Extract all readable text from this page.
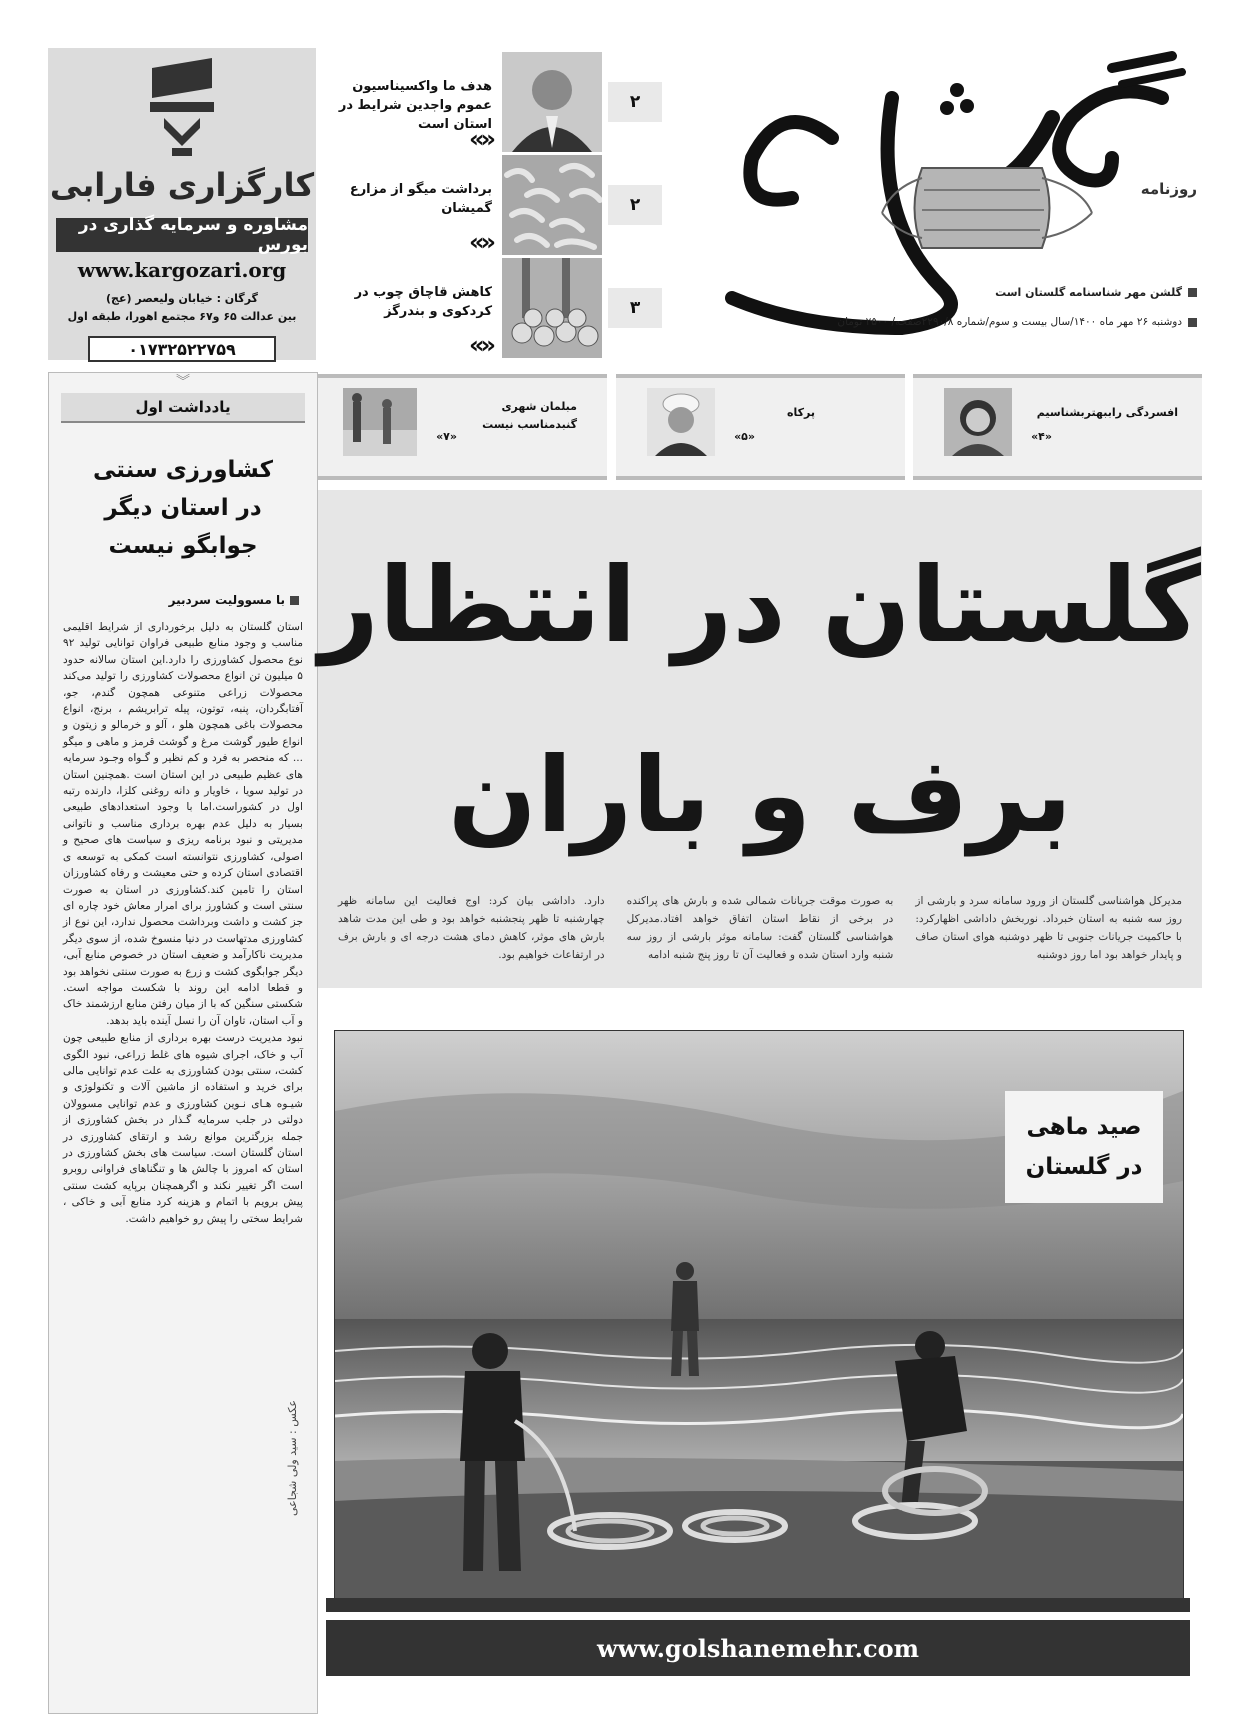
روزنامه
گلشن مهر شناسنامه گلستان است
دوشنبه ۲۶ مهر ماه ۱۴۰۰/سال بیست و سوم/شماره ۲۲۹۰/۸صفحه/ ۲۵۰۰ تومان
۲
هدف ما واکسیناسیون عموم واجدین شرایط در استان است
«»
۲
برداشت میگو از مزارع گمیشان
«»
۳
کاهش قاچاق چوب در کردکوی و بندرگز
«»
کارگزاری فارابی
مشاوره و سرمایه گذاری در بورس
www.kargozari.org
گرگان : خیابان ولیعصر (عج)
بین عدالت ۶۵ و۶۷ مجتمع اهورا، طبقه اول
۰۱۷۳۲۵۲۲۷۵۹
︾
یادداشت اول
کشاورزی سنتی
در استان دیگر
جوابگو نیست
با مسوولیت سردبیر

استان گلستان به دلیل برخورداری از شرایط اقلیمی مناسب و وجود منابع طبیعی فراوان توانایی تولید ۹۲ نوع محصول کشاورزی را دارد.این استان سالانه حدود ۵ میلیون تن انواع محصولات کشاورزی را تولید می‌کند محصولات زراعی متنوعی همچون گندم، جو، آفتابگردان، پنبه، توتون، پیله ترابریشم ، برنج، انواع محصولات باغی همچون هلو ، آلو و خرمالو و زیتون و انواع طیور گوشت مرغ و گوشت قرمز و ماهی و میگو ... که منحصر به فرد و کم نظیر و گـواه وجـود سرمایه های عظیم طبیعی در این استان است .همچنین استان در تولید سویا ، خاویار و دانه روغنی کلزا، دارنده رتبه اول در کشوراست.اما با وجود استعدادهای طبیعی بسیار به دلیل عدم بهره برداری مناسب و ناتوانی مدیریتی و نبود برنامه ریزی و سیاست های صحیح و اصولی، کشاورزی نتوانسته است کمکی به توسعه ی اقتصادی استان کرده و حتی معیشت و رفاه کشاورزان استان را تامین کند.کشاورزی در استان به صورت سنتی است و کشاورز برای امرار معاش خود چاره ای جز کشت و داشت وبرداشت محصول ندارد، این نوع از کشاورزی مدتهاست در دنیا منسوخ شده، از سوی دیگر مدیریت ناکارآمد و ضعیف استان در خصوص منابع آبی، دیگر جوابگوی کشت و زرع به صورت سنتی نخواهد بود و قطعا ادامه این روند با شکست مواجه است. شکستی سنگین که با از میان رفتن منابع ارزشمند خاک و آب استان، تاوان آن را نسل آینده باید بدهد.

نبود مدیریت درست بهره برداری از منابع طبیعی چون آب و خاک، اجرای شیوه های غلط زراعی، نبود الگوی کشت، سنتی بودن کشاورزی به علت عدم توانایی مالی برای خرید و استفاده از ماشین آلات و تکنولوژی و شیـوه هـای نـوین کشاورزی و عدم توانایی مسوولان دولتی در جلب سرمایه گـذار در بخش کشاورزی از جمله بزرگترین موانع رشد و ارتقای کشاورزی در استان گلستان است. سیاست های بخش کشاورزی در استان که امروز با چالش ها و تنگناهای فراوانی روبرو است اگر تغییر نکند و اگرهمچنان برپایه کشت سنتی پیش برویم با اتمام و هزینه کرد منابع آبی و خاکی ، شرایط سختی را پیش رو خواهیم داشت.

افسردگی راببهتربشناسیم
«۴»
پرکاه
«۵»
مبلمان شهری گنبدمناسب نیست
«۷»
گلستان در انتظار
برف و باران
مدیرکل هواشناسی گلستان از ورود سامانه سرد و بارشی از روز سه شنبه به استان خبرداد. نوربخش داداشی اظهارکرد: با حاکمیت جریانات جنوبی تا ظهر دوشنبه هوای استان صاف و پایدار خواهد بود اما روز دوشنبه
به صورت موقت جریانات شمالی شده و بارش های پراکنده در برخی از نقاط استان اتفاق خواهد افتاد.مدیرکل هواشناسی گلستان گفت: سامانه موثر بارشی از روز سه شنبه وارد استان شده و فعالیت آن تا روز پنج شنبه ادامه
دارد. داداشی بیان کرد: اوج فعالیت این سامانه ظهر چهارشنبه تا ظهر پنجشنبه خواهد بود و طی این مدت شاهد بارش های موثر، کاهش دمای هشت درجه ای و بارش برف در ارتفاعات خواهیم بود.
صید ماهی
در گلستان
عکس : سید ولی شجاعی
www.golshanemehr.com
